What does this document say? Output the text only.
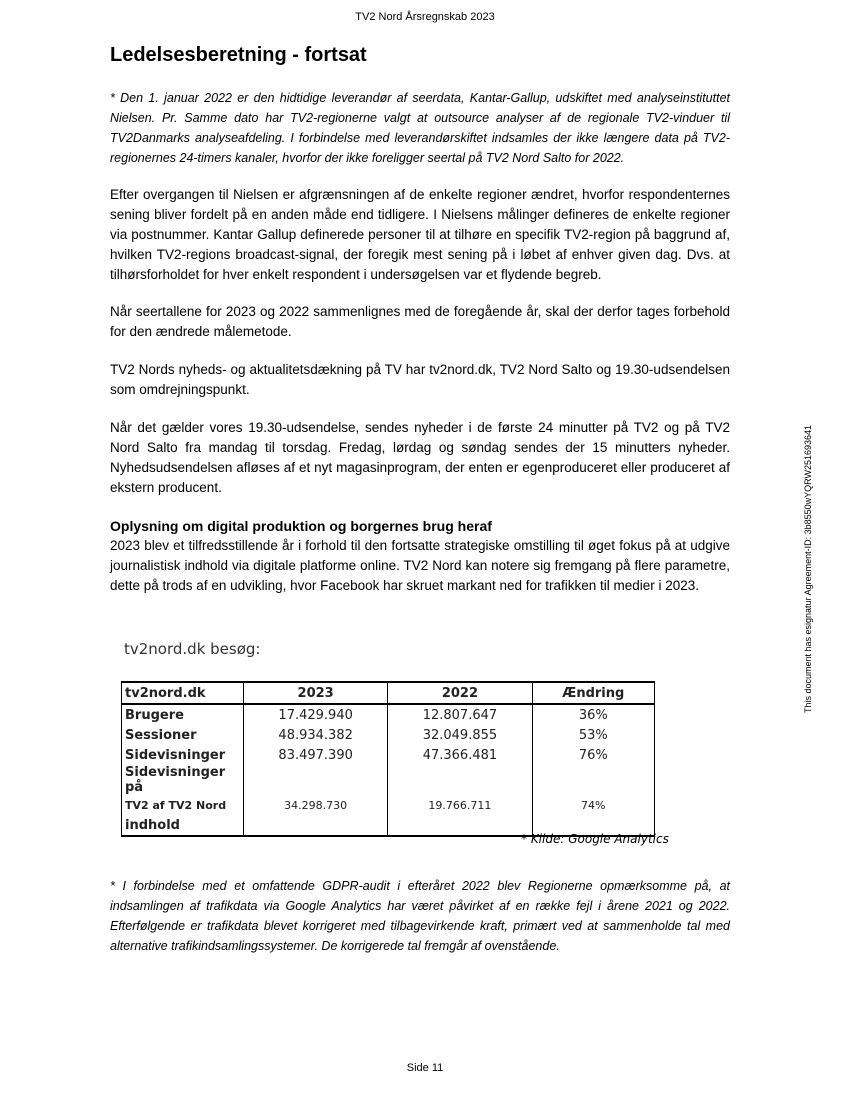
TV2 Nord Årsregnskab 2023
Ledelsesberetning - fortsat

* Den 1. januar 2022 er den hidtidige leverandør af seerdata, Kantar-Gallup, udskiftet med analyseinstituttet Nielsen. Pr. Samme dato har TV2-regionerne valgt at outsource analyser af de regionale TV2-vinduer til TV2Danmarks analyseafdeling. I forbindelse med leverandørskiftet indsamles der ikke længere data på TV2-regionernes 24-timers kanaler, hvorfor der ikke foreligger seertal på TV2 Nord Salto for 2022.

Efter overgangen til Nielsen er afgrænsningen af de enkelte regioner ændret, hvorfor respondenternes sening bliver fordelt på en anden måde end tidligere. I Nielsens målinger defineres de enkelte regioner via postnummer. Kantar Gallup definerede personer til at tilhøre en specifik TV2-region på baggrund af, hvilken TV2-regions broadcast-signal, der foregik mest sening på i løbet af enhver given dag. Dvs. at tilhørsforholdet for hver enkelt respondent i undersøgelsen var et flydende begreb.

Når seertallene for 2023 og 2022 sammenlignes med de foregående år, skal der derfor tages forbehold for den ændrede målemetode.

TV2 Nords nyheds- og aktualitetsdækning på TV har tv2nord.dk, TV2 Nord Salto og 19.30-udsendelsen som omdrejningspunkt.

Når det gælder vores 19.30-udsendelse, sendes nyheder i de første 24 minutter på TV2 og på TV2 Nord Salto fra mandag til torsdag. Fredag, lørdag og søndag sendes der 15 minutters nyheder. Nyhedsudsendelsen afløses af et nyt magasinprogram, der enten er egenproduceret eller produceret af ekstern producent.

Oplysning om digital produktion og borgernes brug heraf
2023 blev et tilfredsstillende år i forhold til den fortsatte strategiske omstilling til øget fokus på at udgive journalistisk indhold via digitale platforme online. TV2 Nord kan notere sig fremgang på flere parametre, dette på trods af en udvikling, hvor Facebook har skruet markant ned for trafikken til medier i 2023.
tv2nord.dk besøg:
tv2nord.dk	2023	2022	Ændring
Brugere	17.429.940	12.807.647	36%
Sessioner	48.934.382	32.049.855	53%
Sidevisninger	83.497.390	47.366.481	76%
Sidevisninger på			
TV2 af TV2 Nord	34.298.730	19.766.711	74%
indhold			
* Kilde: Google Analytics

* I forbindelse med et omfattende GDPR-audit i efteråret 2022 blev Regionerne opmærksomme på, at indsamlingen af trafikdata via Google Analytics har været påvirket af en række fejl i årene 2021 og 2022. Efterfølgende er trafikdata blevet korrigeret med tilbagevirkende kraft, primært ved at sammenholde tal med alternative trafikindsamlingssystemer. De korrigerede tal fremgår af ovenstående.

This document has esignatur Agreement-ID: 3b8550wYQRW251693641
Side 11
